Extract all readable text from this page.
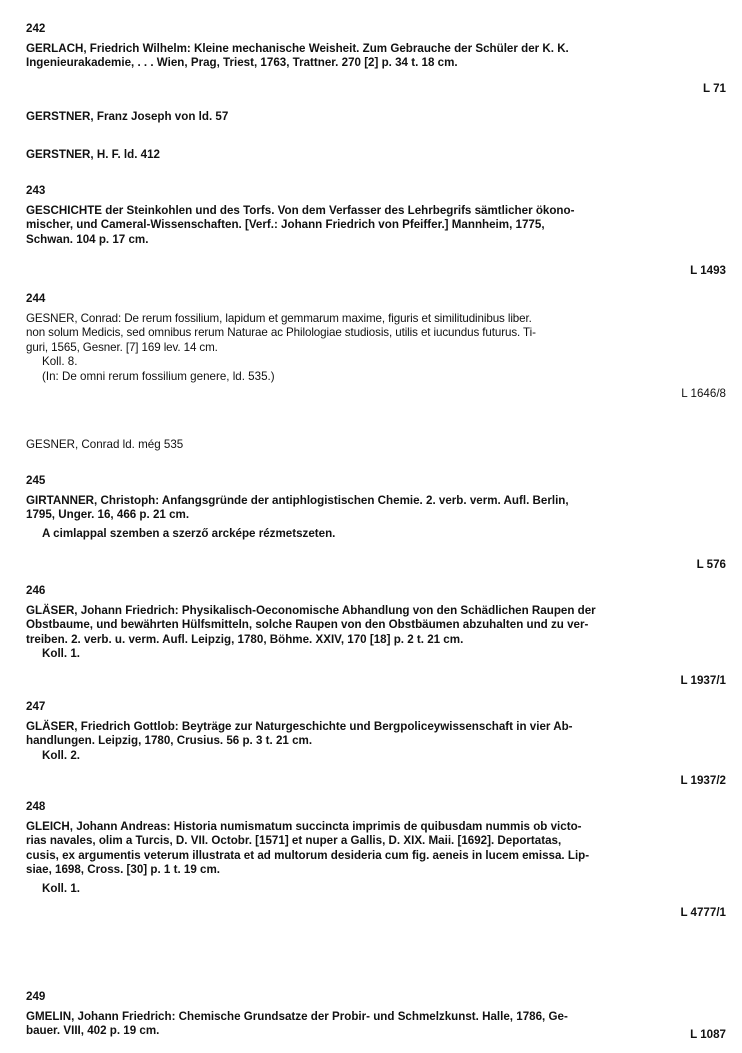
242
GERLACH, Friedrich Wilhelm: Kleine mechanische Weisheit. Zum Gebrauche der Schüler der K. K.
Ingenieurakademie, . . . Wien, Prag, Triest, 1763, Trattner. 270 [2] p. 34 t. 18 cm.
L 71
GERSTNER, Franz Joseph von ld. 57
GERSTNER, H. F. ld. 412
243
GESCHICHTE der Steinkohlen und des Torfs. Von dem Verfasser des Lehrbegrifs sämtlicher ökono-
mischer, und Cameral-Wissenschaften. [Verf.: Johann Friedrich von Pfeiffer.] Mannheim, 1775,
Schwan. 104 p. 17 cm.
L 1493
244
GESNER, Conrad: De rerum fossilium, lapidum et gemmarum maxime, figuris et similitudinibus liber.
non solum Medicis, sed omnibus rerum Naturae ac Philologiae studiosis, utilis et iucundus futurus. Ti-
guri, 1565, Gesner. [7] 169 lev. 14 cm.
Koll. 8.
(In: De omni rerum fossilium genere, ld. 535.)
L 1646/8
GESNER, Conrad ld. még 535
245
GIRTANNER, Christoph: Anfangsgründe der antiphlogistischen Chemie. 2. verb. verm. Aufl. Berlin,
1795, Unger. 16, 466 p. 21 cm.
A cimlappal szemben a szerző arcképe rézmetszeten.
L 576
246
GLÄSER, Johann Friedrich: Physikalisch-Oeconomische Abhandlung von den Schädlichen Raupen der
Obstbaume, und bewährten Hülfsmitteln, solche Raupen von den Obstbäumen abzuhalten und zu ver-
treiben. 2. verb. u. verm. Aufl. Leipzig, 1780, Böhme. XXIV, 170 [18] p. 2 t. 21 cm.
Koll. 1.
L 1937/1
247
GLÄSER, Friedrich Gottlob: Beyträge zur Naturgeschichte und Bergpoliceywissenschaft in vier Ab-
handlungen. Leipzig, 1780, Crusius. 56 p. 3 t. 21 cm.
Koll. 2.
L 1937/2
248
GLEICH, Johann Andreas: Historia numismatum succincta imprimis de quibusdam nummis ob victo-
rias navales, olim a Turcis, D. VII. Octobr. [1571] et nuper a Gallis, D. XIX. Maii. [1692]. Deportatas,
cusis, ex argumentis veterum illustrata et ad multorum desideria cum fig. aeneis in lucem emissa. Lip-
siae, 1698, Cross. [30] p. 1 t. 19 cm.
Koll. 1.
L 4777/1
249
GMELIN, Johann Friedrich: Chemische Grundsatze der Probir- und Schmelzkunst. Halle, 1786, Ge-
bauer. VIII, 402 p. 19 cm.	L 1087
